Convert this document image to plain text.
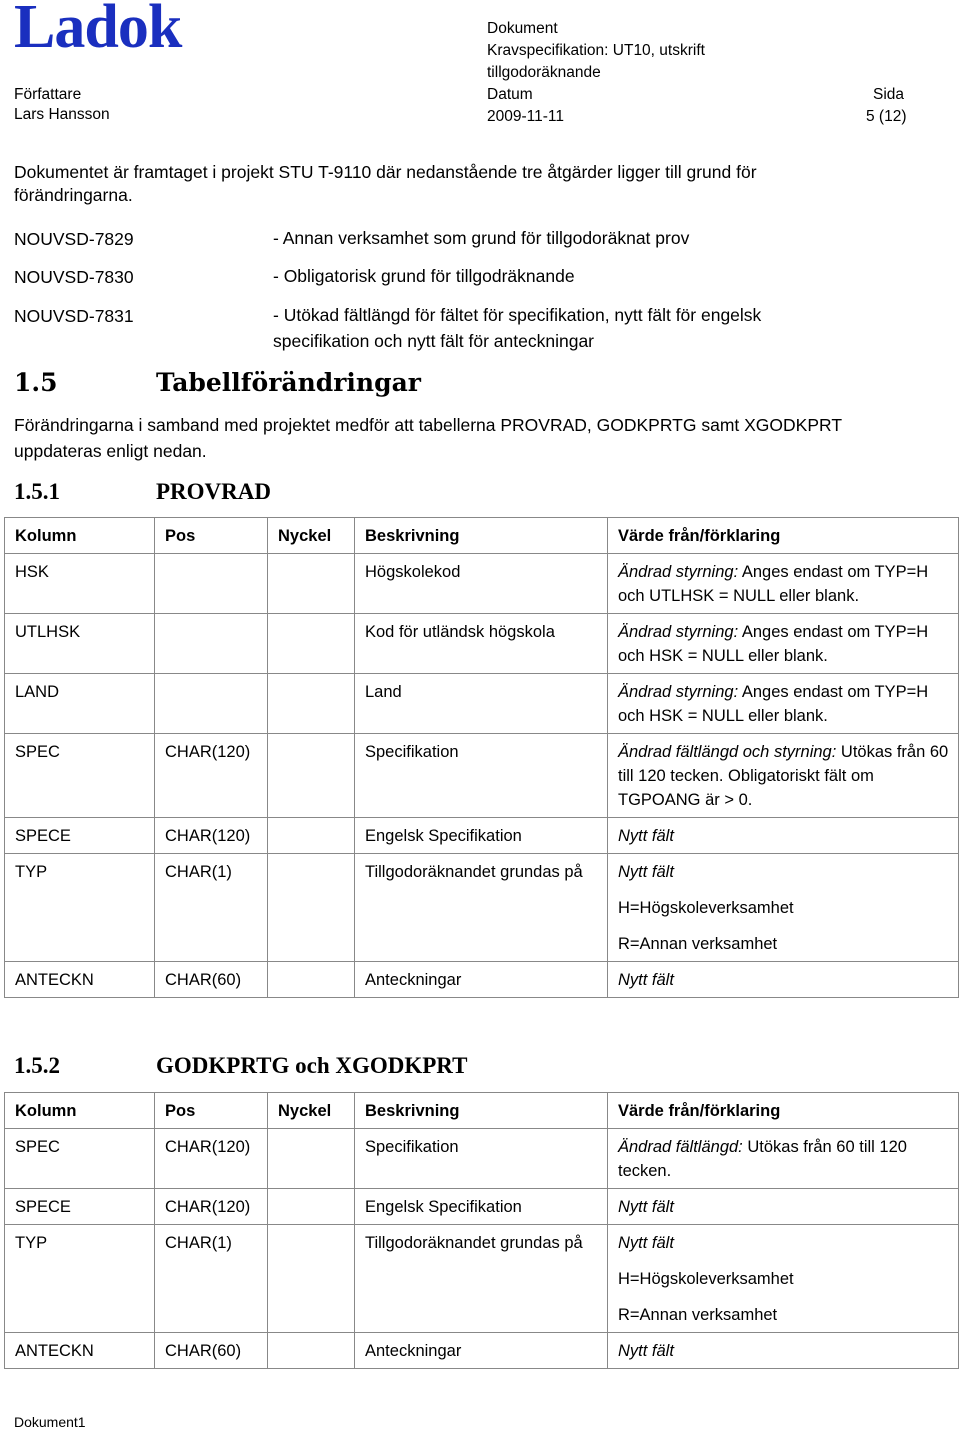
Ladok	Dokument
Kravspecifikation: UT10, utskrift
tillgodoräknande
Författare
Lars Hansson
Datum
2009-11-11
Sida
5 (12)
Dokumentet är framtaget i projekt STU T-9110 där nedanstående tre åtgärder ligger till grund för
förändringarna.
NOUVSD-7829	- Annan verksamhet som grund för tillgodoräknat prov
NOUVSD-7830	- Obligatorisk grund för tillgodräknande
NOUVSD-7831	- Utökad fältlängd för fältet för specifikation, nytt fält för engelsk
specifikation och nytt fält för anteckningar
1.5	Tabellförändringar
Förändringarna i samband med projektet medför att tabellerna PROVRAD, GODKPRTG samt XGODKPRT
uppdateras enligt nedan.
1.5.1	PROVRAD
Kolumn	Pos	Nyckel	Beskrivning	Värde från/förklaring
HSK			Högskolekod	Ändrad styrning: Anges endast om TYP=H och UTLHSK = NULL eller blank.
UTLHSK			Kod för utländsk högskola	Ändrad styrning: Anges endast om TYP=H och HSK = NULL eller blank.
LAND			Land	Ändrad styrning: Anges endast om TYP=H och HSK = NULL eller blank.
SPEC	CHAR(120)		Specifikation	Ändrad fältlängd och styrning: Utökas från 60 till 120 tecken. Obligatoriskt fält om TGPOANG är > 0.
SPECE	CHAR(120)		Engelsk Specifikation	Nytt fält
TYP	CHAR(1)		Tillgodoräknandet grundas på	Nytt fält
H=Högskoleverksamhet
R=Annan verksamhet

ANTECKN	CHAR(60)		Anteckningar	Nytt fält
1.5.2	GODKPRTG och XGODKPRT
Kolumn	Pos	Nyckel	Beskrivning	Värde från/förklaring
SPEC	CHAR(120)		Specifikation	Ändrad fältlängd: Utökas från 60 till 120 tecken.
SPECE	CHAR(120)		Engelsk Specifikation	Nytt fält
TYP	CHAR(1)		Tillgodoräknandet grundas på	Nytt fält
H=Högskoleverksamhet
R=Annan verksamhet

ANTECKN	CHAR(60)		Anteckningar	Nytt fält
Dokument1
